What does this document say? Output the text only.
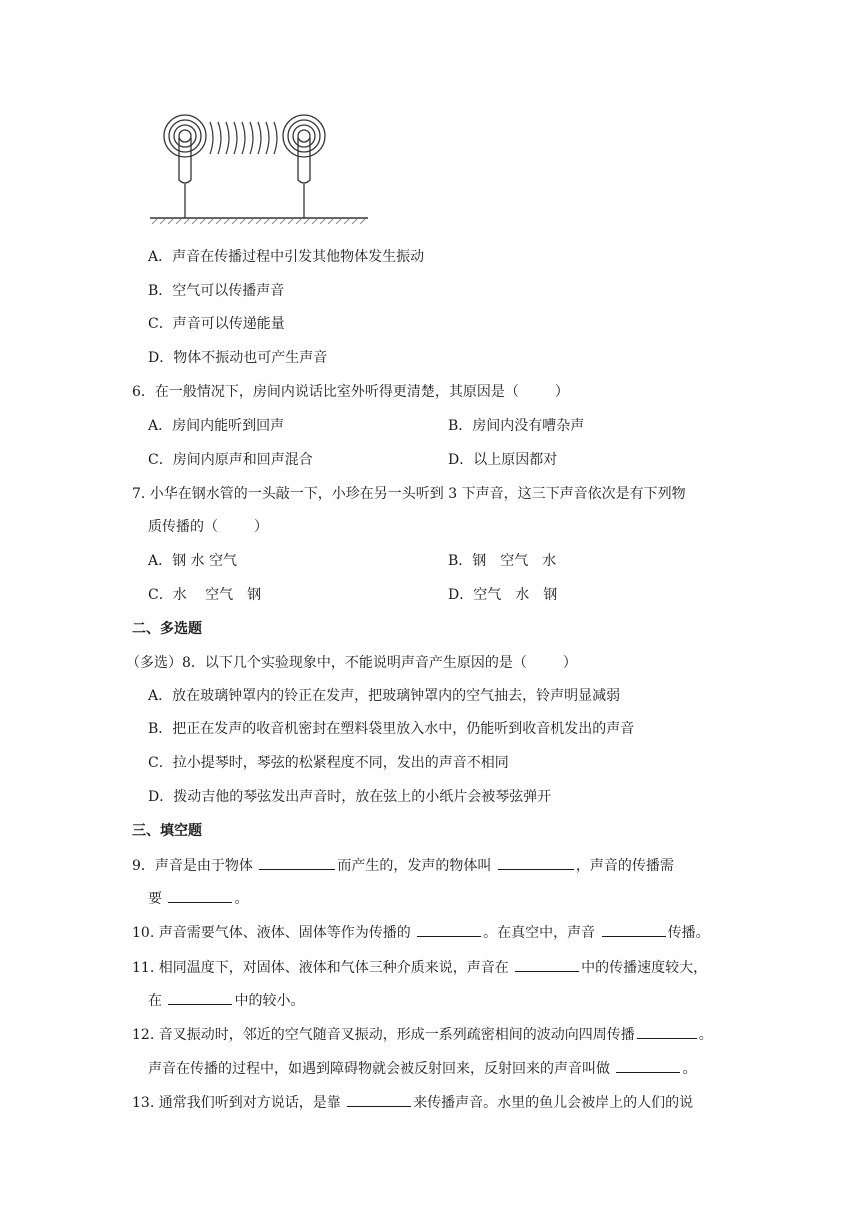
A．声音在传播过程中引发其他物体发生振动
B．空气可以传播声音
C．声音可以传递能量
D．物体不振动也可产生声音
6．在一般情况下，房间内说话比室外听得更清楚，其原因是（	）
A．房间内能听到回声	B．房间内没有嘈杂声
C．房间内原声和回声混合	D．以上原因都对
7. 小华在钢水管的一头敲一下，小珍在另一头听到 3 下声音，这三下声音依次是有下列物
质传播的（	）
A．钢 水 空气	B．钢　空气　水
C．水　 空气　钢	D．空气　水　钢
二、多选题
（多选）8．以下几个实验现象中，不能说明声音产生原因的是（	）
A．放在玻璃钟罩内的铃正在发声，把玻璃钟罩内的空气抽去，铃声明显减弱
B．把正在发声的收音机密封在塑料袋里放入水中，仍能听到收音机发出的声音
C．拉小提琴时，琴弦的松紧程度不同，发出的声音不相同
D．拨动吉他的琴弦发出声音时，放在弦上的小纸片会被琴弦弹开
三、填空题
9．声音是由于物体	而产生的，发声的物体叫	，声音的传播需
要	。
10. 声音需要气体、液体、固体等作为传播的	。在真空中，声音	传播。
11. 相同温度下，对固体、液体和气体三种介质来说，声音在	中的传播速度较大，
在	中的较小。
12. 音叉振动时，邻近的空气随音叉振动，形成一系列疏密相间的波动向四周传播	。
声音在传播的过程中，如遇到障碍物就会被反射回来，反射回来的声音叫做	。
13. 通常我们听到对方说话，是靠	来传播声音。水里的鱼儿会被岸上的人们的说
